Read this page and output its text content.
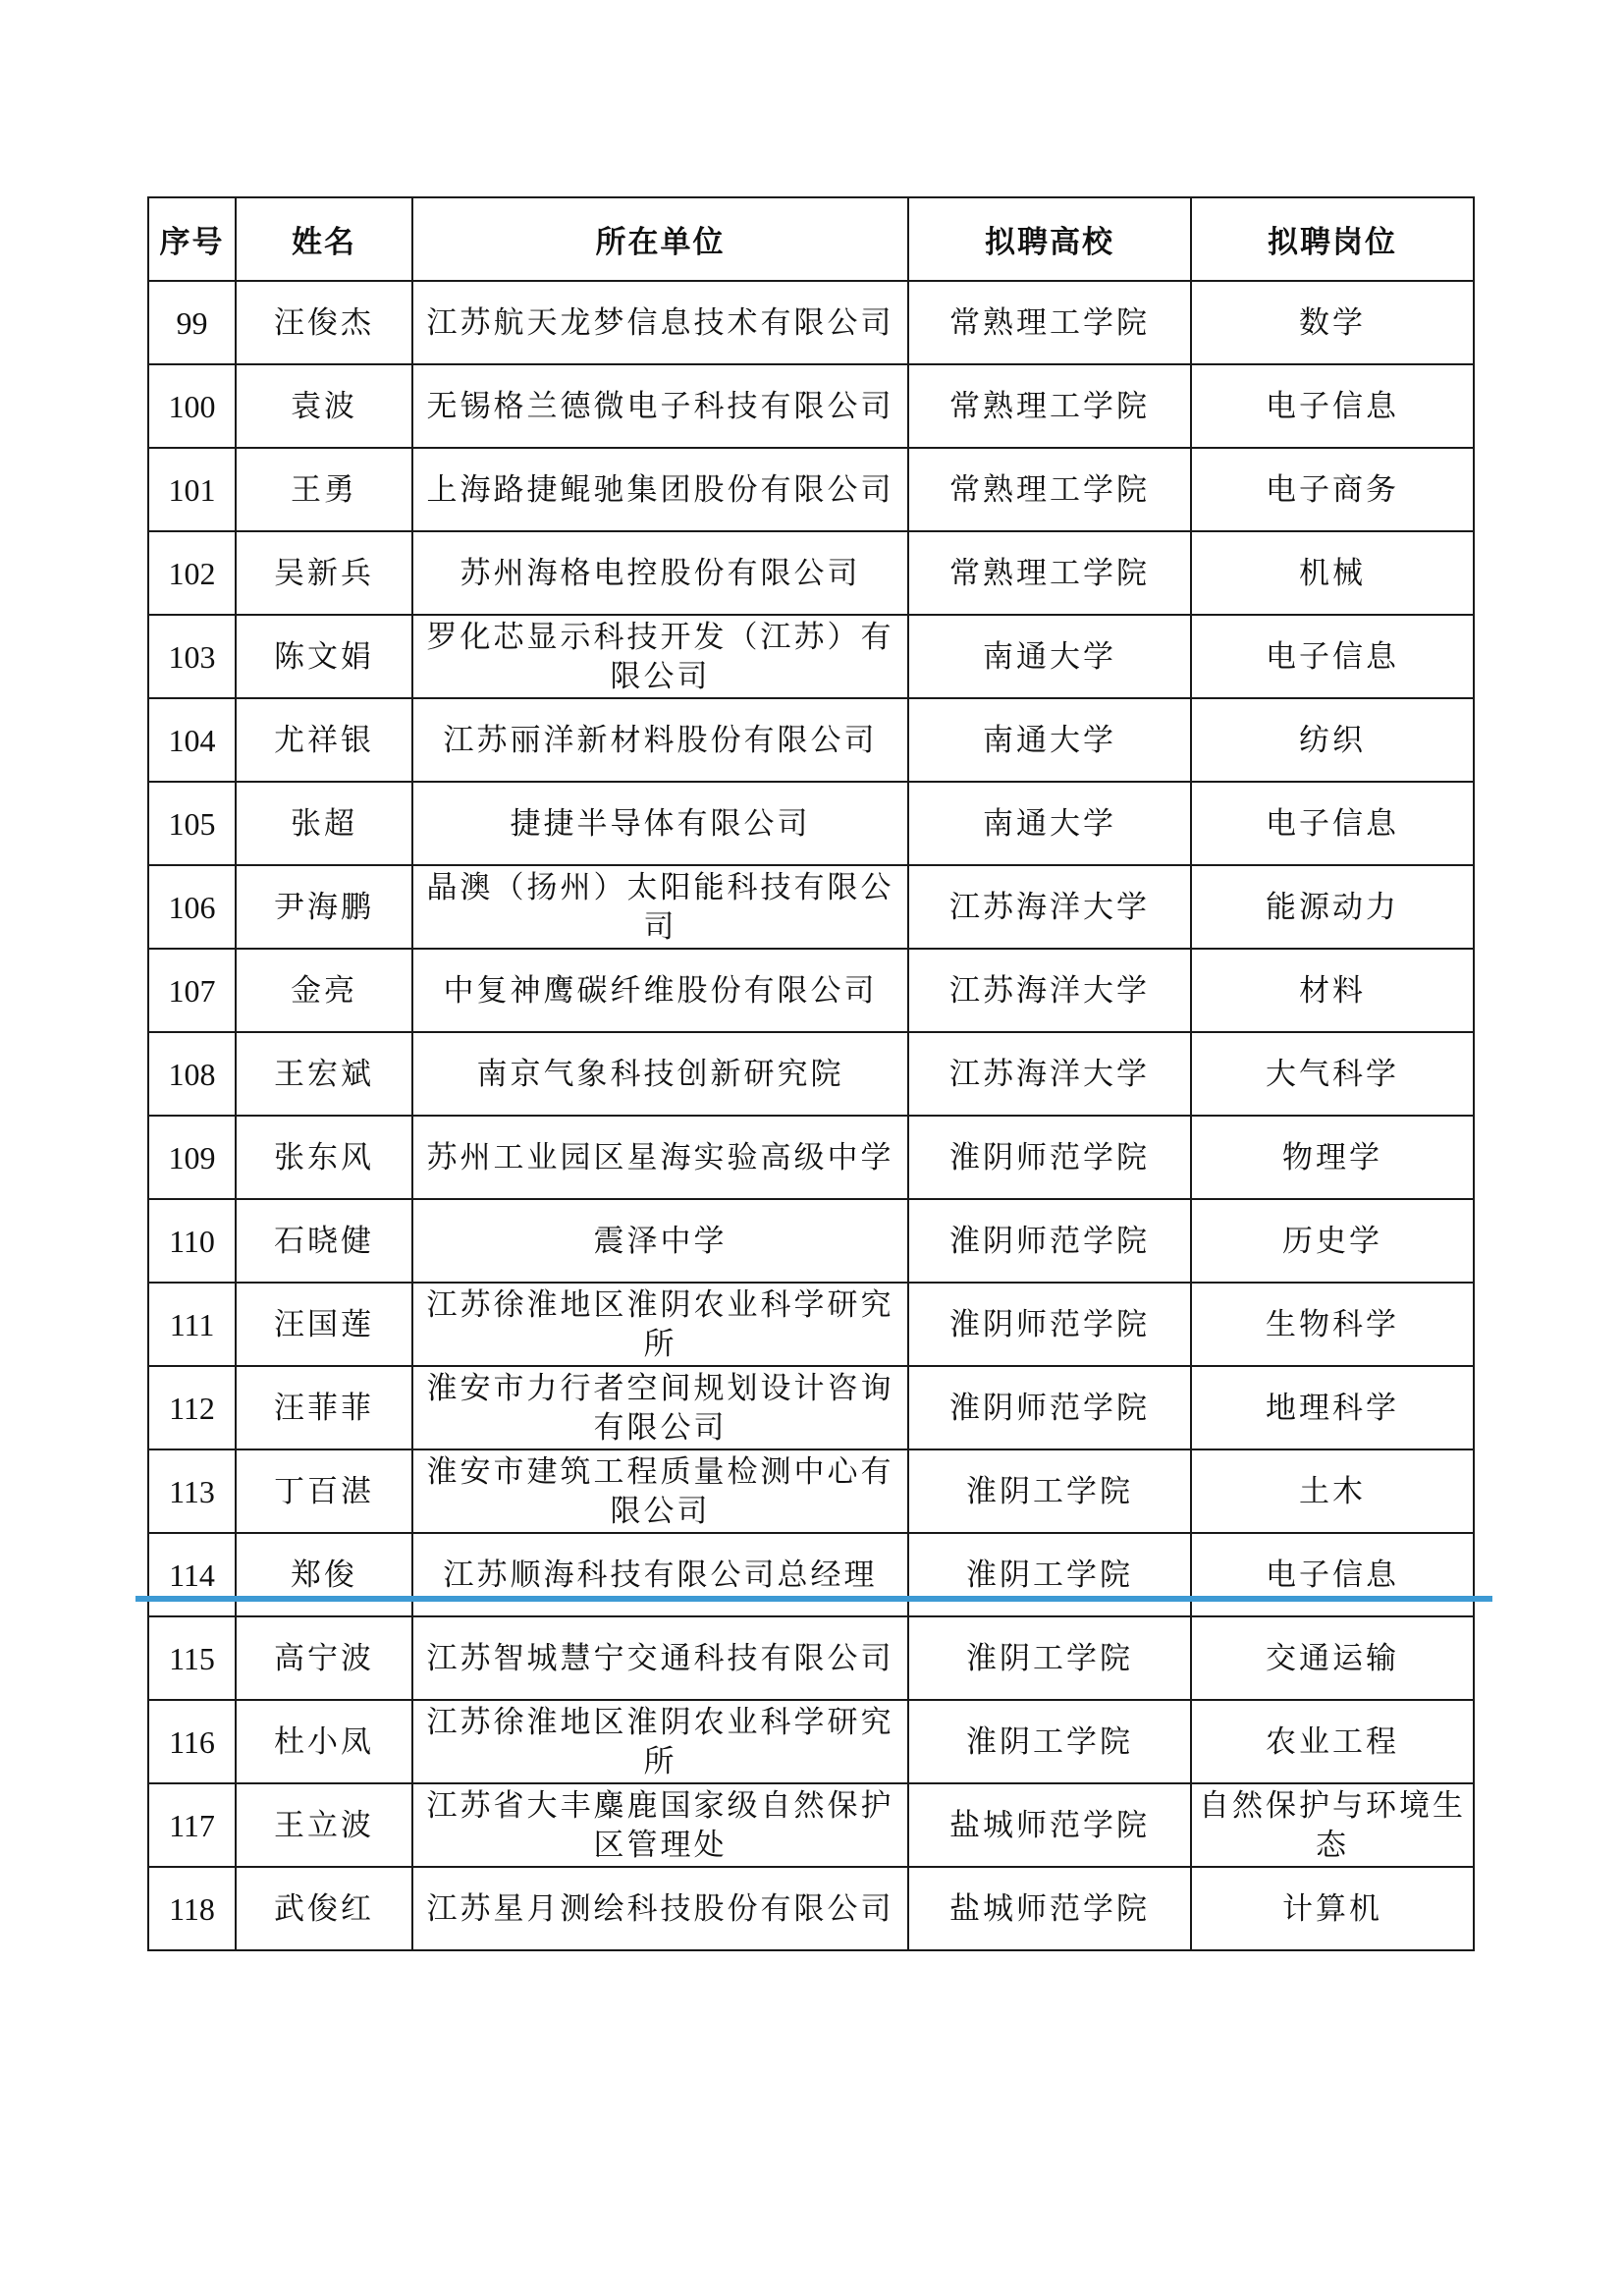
序号	姓名	所在单位	拟聘高校	拟聘岗位
99	汪俊杰	江苏航天龙梦信息技术有限公司	常熟理工学院	数学
100	袁波	无锡格兰德微电子科技有限公司	常熟理工学院	电子信息
101	王勇	上海路捷鲲驰集团股份有限公司	常熟理工学院	电子商务
102	吴新兵	苏州海格电控股份有限公司	常熟理工学院	机械
103	陈文娟	罗化芯显示科技开发（江苏）有限公司	南通大学	电子信息
104	尤祥银	江苏丽洋新材料股份有限公司	南通大学	纺织
105	张超	捷捷半导体有限公司	南通大学	电子信息
106	尹海鹏	晶澳（扬州）太阳能科技有限公司	江苏海洋大学	能源动力
107	金亮	中复神鹰碳纤维股份有限公司	江苏海洋大学	材料
108	王宏斌	南京气象科技创新研究院	江苏海洋大学	大气科学
109	张东风	苏州工业园区星海实验高级中学	淮阴师范学院	物理学
110	石晓健	震泽中学	淮阴师范学院	历史学
111	汪国莲	江苏徐淮地区淮阴农业科学研究所	淮阴师范学院	生物科学
112	汪菲菲	淮安市力行者空间规划设计咨询有限公司	淮阴师范学院	地理科学
113	丁百湛	淮安市建筑工程质量检测中心有限公司	淮阴工学院	土木
114	郑俊	江苏顺海科技有限公司总经理	淮阴工学院	电子信息
115	高宁波	江苏智城慧宁交通科技有限公司	淮阴工学院	交通运输
116	杜小凤	江苏徐淮地区淮阴农业科学研究所	淮阴工学院	农业工程
117	王立波	江苏省大丰麋鹿国家级自然保护区管理处	盐城师范学院	自然保护与环境生态
118	武俊红	江苏星月测绘科技股份有限公司	盐城师范学院	计算机
